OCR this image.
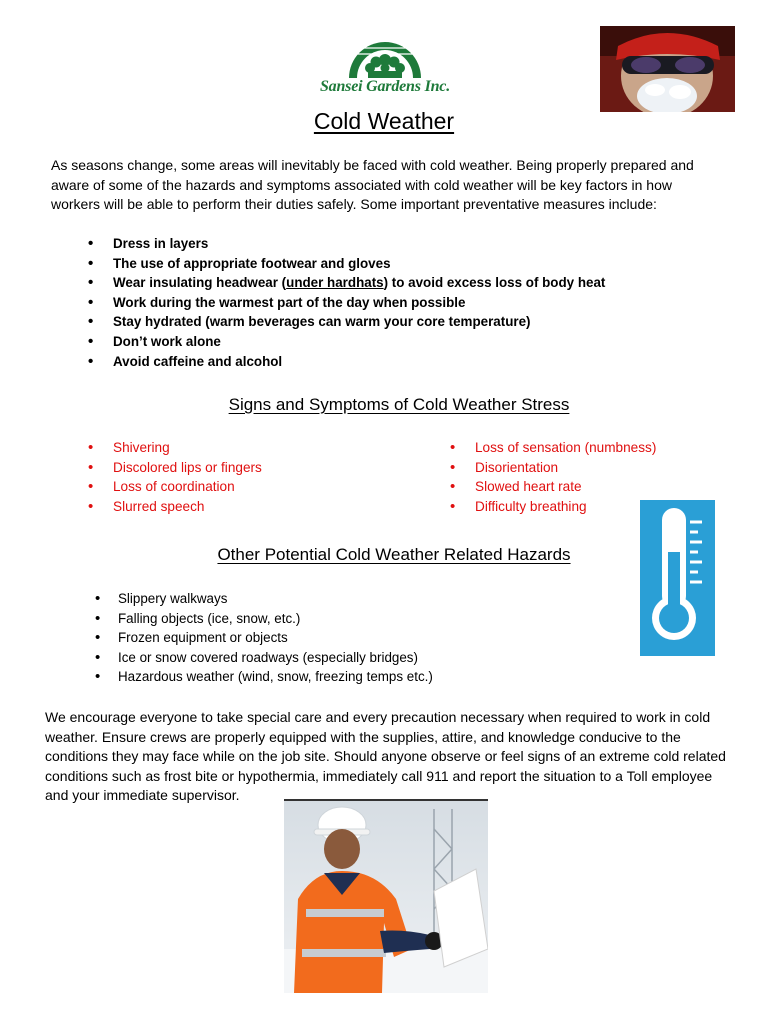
Sansei Gardens Inc.
Cold Weather
As seasons change, some areas will inevitably be faced with cold weather. Being properly prepared and aware of some of the hazards and symptoms associated with cold weather will be key factors in how workers will be able to perform their duties safely. Some important preventative measures include:
• Dress in layers
• The use of appropriate footwear and gloves
• Wear insulating headwear (under hardhats) to avoid excess loss of body heat
• Work during the warmest part of the day when possible
• Stay hydrated (warm beverages can warm your core temperature)
• Don’t work alone
• Avoid caffeine and alcohol
Signs and Symptoms of Cold Weather Stress
• Shivering
• Discolored lips or fingers
• Loss of coordination
• Slurred speech
• Loss of sensation (numbness)
• Disorientation
• Slowed heart rate
• Difficulty breathing
Other Potential Cold Weather Related Hazards
• Slippery walkways
• Falling objects (ice, snow, etc.)
• Frozen equipment or objects
• Ice or snow covered roadways (especially bridges)
• Hazardous weather (wind, snow, freezing temps etc.)
We encourage everyone to take special care and every precaution necessary when required to work in cold weather. Ensure crews are properly equipped with the supplies, attire, and knowledge conducive to the conditions they may face while on the job site. Should anyone observe or feel signs of an extreme cold related conditions such as frost bite or hypothermia, immediately call 911 and report the situation to a Toll employee and your immediate supervisor.
